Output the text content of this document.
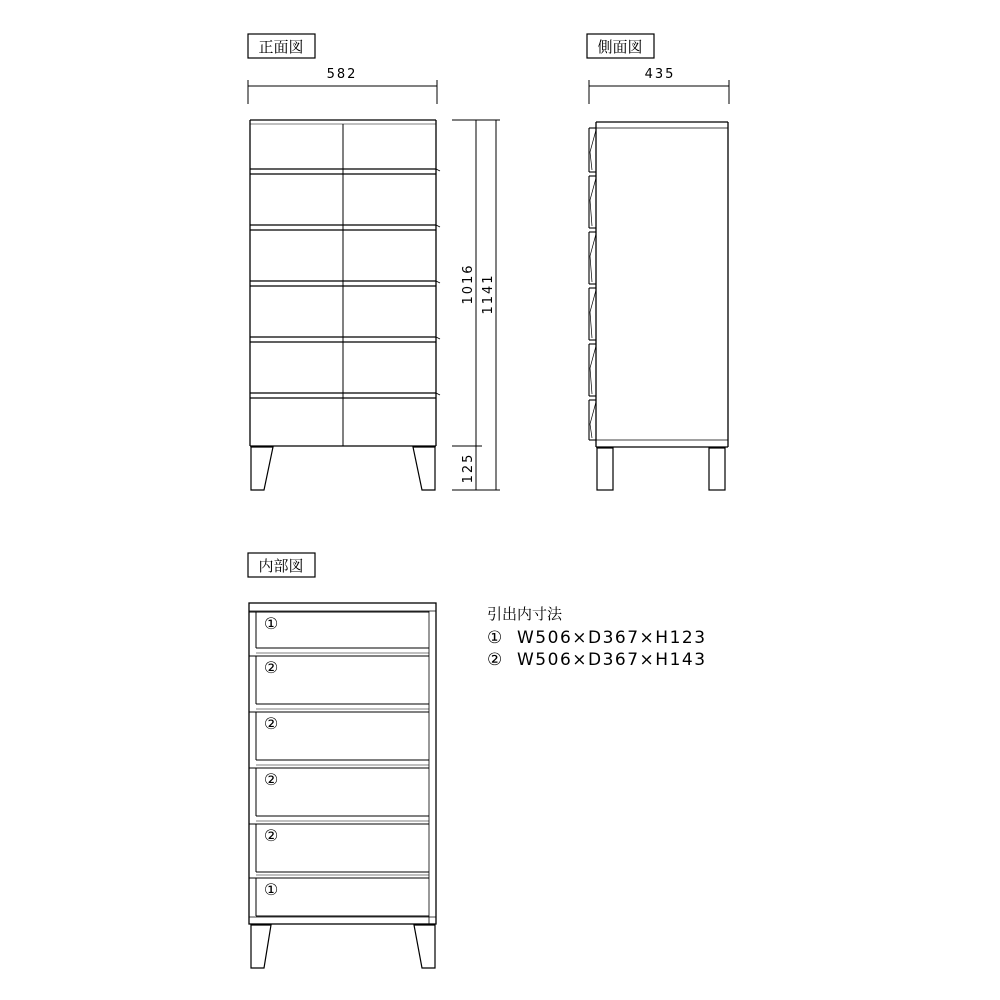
正面図
582
1016 1141
125
側面図
435
内部図
①
②
②
②
②
①
引出内寸法
① W506×D367×H123
② W506×D367×H143
